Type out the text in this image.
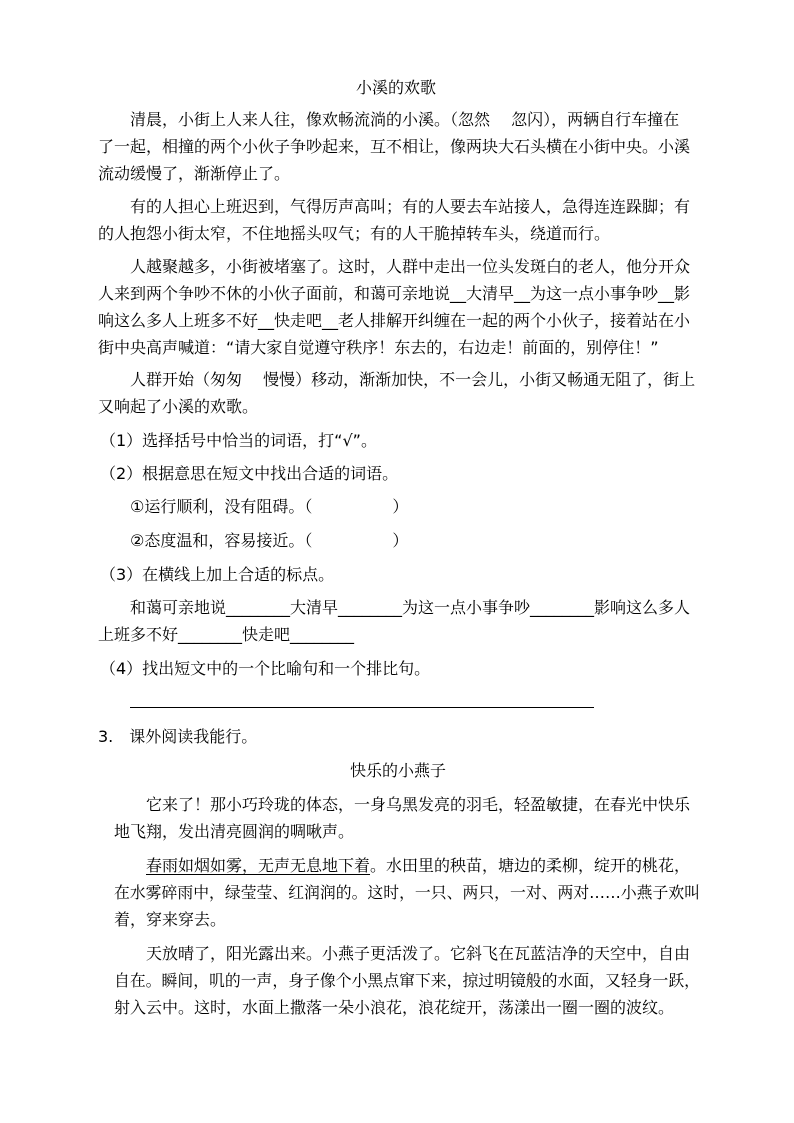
小溪的欢歌
清晨，小街上人来人往，像欢畅流淌的小溪。（忽然　 忽闪），两辆自行车撞在
了一起，相撞的两个小伙子争吵起来，互不相让，像两块大石头横在小街中央。小溪
流动缓慢了，渐渐停止了。
有的人担心上班迟到，气得厉声高叫；有的人要去车站接人，急得连连跺脚；有
的人抱怨小街太窄，不住地摇头叹气；有的人干脆掉转车头，绕道而行。
人越聚越多，小街被堵塞了。这时，人群中走出一位头发斑白的老人，他分开众
人来到两个争吵不休的小伙子面前，和蔼可亲地说__大清早__为这一点小事争吵__影
响这么多人上班多不好__快走吧__老人排解开纠缠在一起的两个小伙子，接着站在小
街中央高声喊道：“请大家自觉遵守秩序！东去的，右边走！前面的，别停住！”
人群开始（匆匆　 慢慢）移动，渐渐加快，不一会儿，小街又畅通无阻了，街上
又响起了小溪的欢歌。
（1）选择括号中恰当的词语，打“√”。
（2）根据意思在短文中找出合适的词语。
①运行顺利，没有阻碍。（　　　　　）
②态度温和，容易接近。（　　　　　）
（3）在横线上加上合适的标点。
和蔼可亲地说________大清早________为这一点小事争吵________影响这么多人
上班多不好________快走吧________
（4）找出短文中的一个比喻句和一个排比句。
3.　课外阅读我能行。
快乐的小燕子
它来了！那小巧玲珑的体态，一身乌黑发亮的羽毛，轻盈敏捷，在春光中快乐
地飞翔，发出清亮圆润的啁啾声。
春雨如烟如雾，无声无息地下着。水田里的秧苗，塘边的柔柳，绽开的桃花，
在水雾碎雨中，绿莹莹、红润润的。这时，一只、两只，一对、两对……小燕子欢叫
着，穿来穿去。
天放晴了，阳光露出来。小燕子更活泼了。它斜飞在瓦蓝洁净的天空中，自由
自在。瞬间，叽的一声，身子像个小黑点窜下来，掠过明镜般的水面，又轻身一跃，
射入云中。这时，水面上撒落一朵小浪花，浪花绽开，荡漾出一圈一圈的波纹。
